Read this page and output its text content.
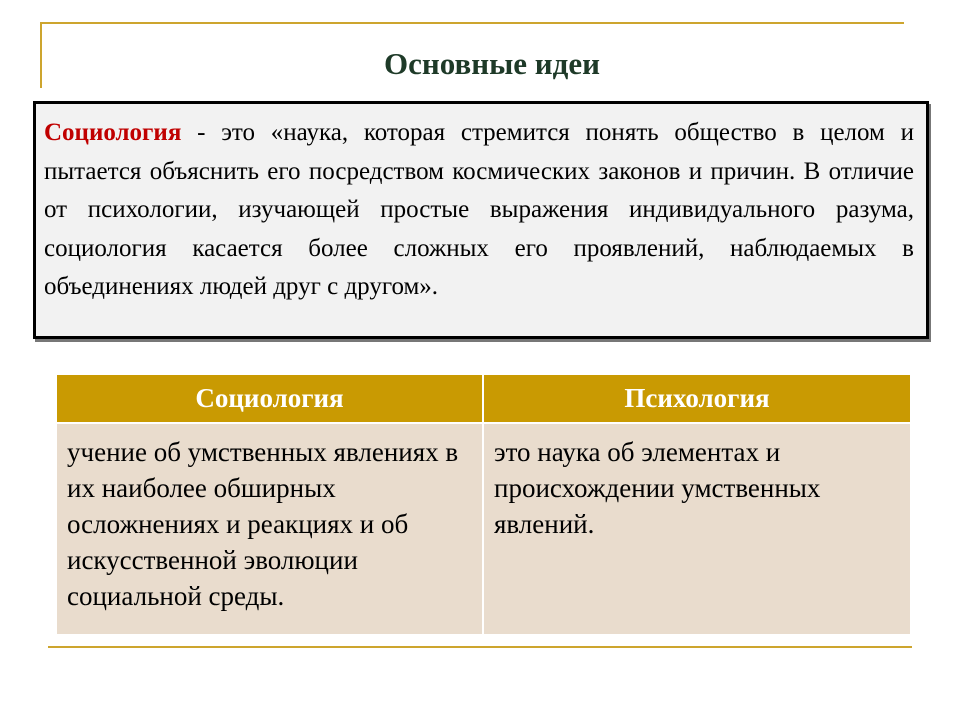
Основные идеи
Социология - это «наука, которая стремится понять общество в целом и пытается объяснить его посредством космических законов и причин. В отличие от психологии, изучающей простые выражения индивидуального разума, социология касается более сложных его проявлений, наблюдаемых в объединениях людей друг с другом».
Социология	Психология
учение об умственных явлениях в их наиболее обширных осложнениях и реакциях и об искусственной эволюции социальной среды.	это наука об элементах и происхождении умственных явлений.
